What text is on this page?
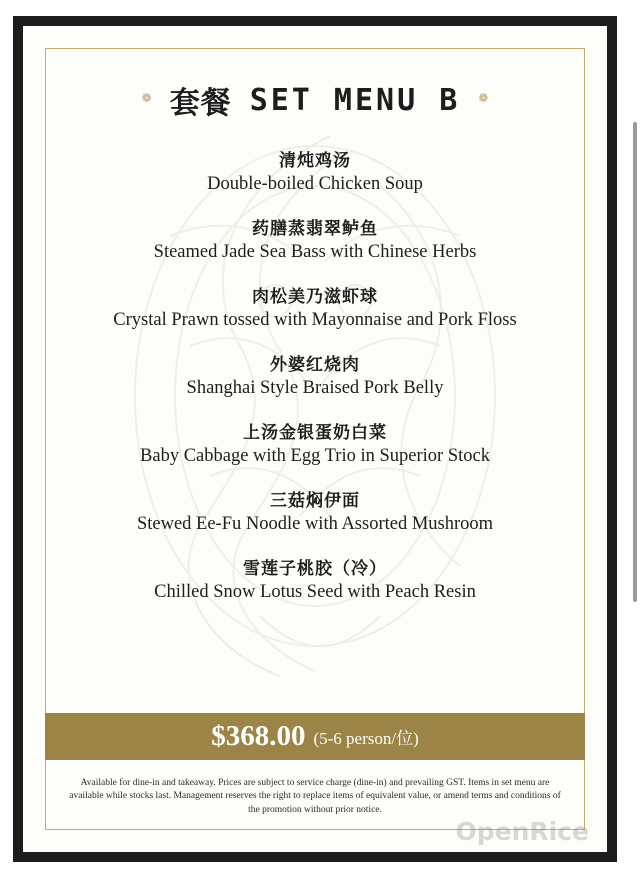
❁ 套餐 SET MENU B ❁
清炖鸡汤
Double-boiled Chicken Soup
药膳蒸翡翠鲈鱼
Steamed Jade Sea Bass with Chinese Herbs
肉松美乃滋虾球
Crystal Prawn tossed with Mayonnaise and Pork Floss
外婆红烧肉
Shanghai Style Braised Pork Belly
上汤金银蛋奶白菜
Baby Cabbage with Egg Trio in Superior Stock
三菇焖伊面
Stewed Ee-Fu Noodle with Assorted Mushroom
雪莲子桃胶（冷）
Chilled Snow Lotus Seed with Peach Resin
$368.00 (5-6 person/位)
Available for dine-in and takeaway. Prices are subject to service charge (dine-in) and prevailing GST. Items in set menu are available while stocks last. Management reserves the right to replace items of equivalent value, or amend terms and conditions of the promotion without prior notice.
OpenRice
